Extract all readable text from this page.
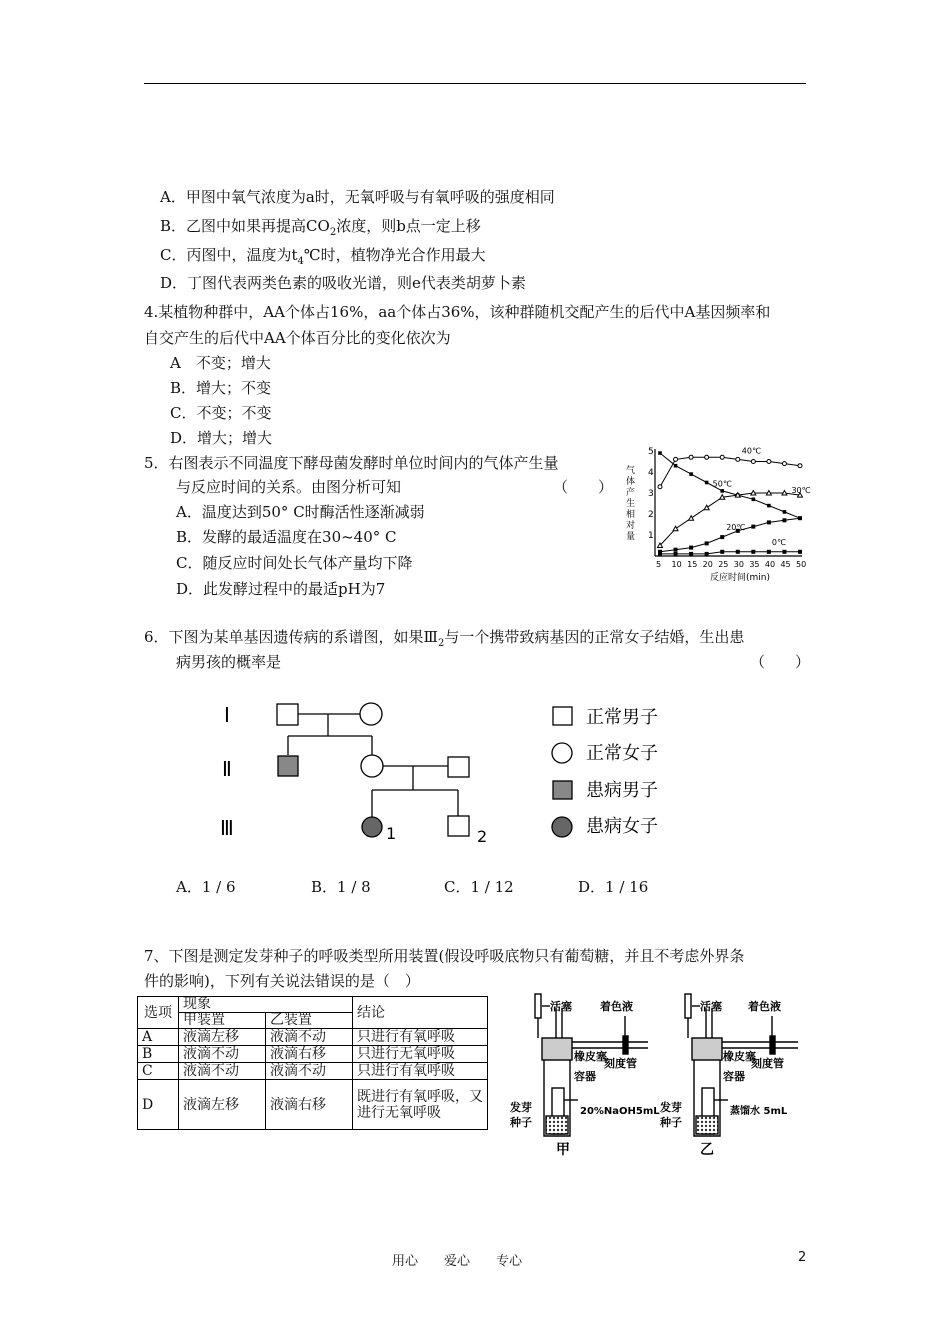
A．甲图中氧气浓度为a时，无氧呼吸与有氧呼吸的强度相同
B．乙图中如果再提高$CO_2$浓度，则b点一定上移
C．丙图中，温度为$t_4℃$时，植物净光合作用最大
D．丁图代表两类色素的吸收光谱，则e代表类胡萝卜素
4.某植物种群中，AA个体占16%，aa个体占36%，该种群随机交配产生的后代中A基因频率和
自交产生的后代中AA个体百分比的变化依次为
A　不变；增大
B．增大；不变
C．不变；不变
D．增大；增大
5．右图表示不同温度下酵母菌发酵时单位时间内的气体产生量
与反应时间的关系。由图分析可知	（　　）
A．温度达到50° C时酶活性逐渐减弱
B．发酵的最适温度在30~40° C
C．随反应时间处长气体产量均下降
D．此发酵过程中的最适pH为7
气
体
产
生
相
对
量 1
2
3
4
5
5 10 15 20 25 30 35 40 45 50
40℃
50℃
30℃
20℃
0℃
反应时间(min)
6．下图为某单基因遗传病的系谱图，如果$Ⅲ_2$与一个携带致病基因的正常女子结婚，生出患
病男孩的概率是	（　　）
Ⅰ
Ⅱ
Ⅲ	1	2
正常男子
正常女子
患病男子
患病女子
A．1 / 6	B．1 / 8	C．1 / 12	D．1 / 16
7、下图是测定发芽种子的呼吸类型所用装置(假设呼吸底物只有葡萄糖，并且不考虑外界条
件的影响)，下列有关说法错误的是（　）
选项	现象		结论
	甲装置	乙装置	
A	液滴左移	液滴不动	只进行有氧呼吸
B	液滴不动	液滴右移	只进行无氧呼吸
C	液滴不动	液滴不动	只进行有氧呼吸
D	液滴左移	液滴右移	既进行有氧呼吸，又进行无氧呼吸
活塞	着色液
橡皮塞
刻度管
容器
20%NaOH5mL
发芽
种子
甲
活塞 着色液
橡皮塞
刻度管
容器
蒸馏水 5mL
发芽
种子
乙
用心　　爱心　　专心	2
